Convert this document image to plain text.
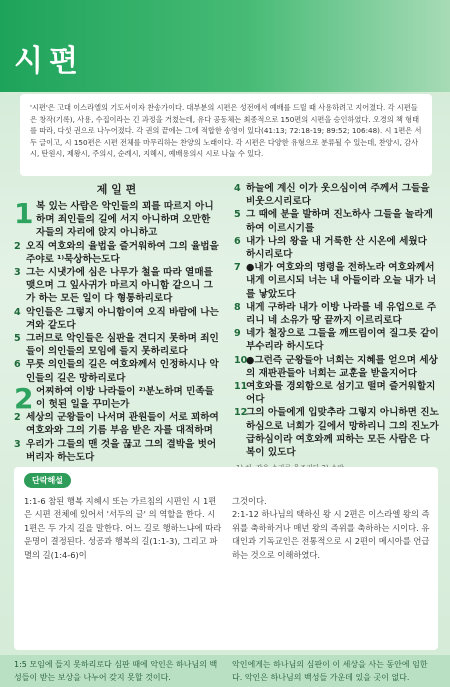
시편
'시편'은 고대 이스라엘의 기도서이자 찬송가이다. 대부분의 시편은 성전에서 예배를 드릴 때 사용하려고 지어졌다. 각 시편들은 창작(기록), 사용, 수집이라는 긴 과정을 거쳤는데, 유다 공동체는 최종적으로 150편의 시편을 승인하였다. 오경의 책 형태를 따라, 다섯 권으로 나누어졌다. 각 권의 끝에는 그에 적합한 송영이 있다(41:13; 72:18-19; 89:52; 106:48). 시 1편은 서두 글이고, 시 150편은 시편 전체를 마무리하는 찬양의 노래이다. 각 시편은 다양한 유형으로 분류될 수 있는데, 찬양시, 감사시, 탄원시, 제왕시, 주의시, 순례시, 지혜시, 예배용의시 시로 나눌 수 있다.
제 일 편
1 복 있는 사람은 악인들의 꾀를 따르지 아니하며 죄인들의 길에 서지 아니하며 오만한 자들의 자리에 앉지 아니하고
2 오직 여호와의 율법을 즐거워하여 그의 율법을 주야로 ¹⁾묵상하는도다
3 그는 시냇가에 심은 나무가 철을 따라 열매를 맺으며 그 잎사귀가 마르지 아니함 같으니 그가 하는 모든 일이 다 형통하리로다
4 악인들은 그렇지 아니함이여 오직 바람에 나는 겨와 같도다
5 그러므로 악인들은 심판을 견디지 못하며 죄인들이 의인들의 모임에 들지 못하리로다
6 무릇 의인들의 길은 여호와께서 인정하시나 악인들의 길은 망하리로다
2 어찌하여 이방 나라들이 ²⁾분노하며 민족들이 헛된 일을 꾸미는가
2 세상의 군왕들이 나서며 관원들이 서로 꾀하여 여호와와 그의 기름 부음 받은 자를 대적하며
3 우리가 그들의 맨 것을 끊고 그의 결박을 벗어 버리자 하는도다
4 하늘에 계신 이가 웃으심이여 주께서 그들을 비웃으시리로다
5 그 때에 분을 발하며 진노하사 그들을 놀라게 하여 이르시기를
6 내가 나의 왕을 내 거룩한 산 시온에 세웠다 하시리로다
7 ●내가 여호와의 명령을 전하노라 여호와께서 내게 이르시되 너는 내 아들이라 오늘 내가 너를 낳았도다
8 내게 구하라 내가 이방 나라를 네 유업으로 주리니 네 소유가 땅 끝까지 이르리로다
9 네가 철장으로 그들을 깨뜨림이여 질그릇 같이 부수리라 하시도다
10
●그런즉 군왕들아 너희는 지혜를 얻으며 세상의 재판관들아 너희는 교훈을 받을지어다
11
여호와를 경외함으로 섬기고 떨며 즐거워할지어다
12
그의 아들에게 입맞추라 그렇지 아니하면 진노하심으로 너희가 길에서 망하리니 그의 진노가 급하심이라 여호와께 피하는 모든 사람은 다 복이 있도다
단락해설
1:1-6 참된 행복 지혜시 또는 가르침의 시편인 시 1편은 시편 전체에 있어서 '서두의 글' 의 역할을 한다. 시 1편은 두 가지 길을 말한다. 어느 길로 행하느냐에 따라 운명이 결정된다. 성공과 행복의 길(1:1-3), 그리고 파멸의 길(1:4-6)이
그것이다.
2:1-12 하나님의 택하신 왕 시 2편은 이스라엘 왕의 즉위를 축하하거나 매년 왕의 즉위를 축하하는 시이다. 유대인과 기독교인은 전통적으로 시 2편이 메시아를 언급하는 것으로 이해하였다.
1:5 모임에 들지 못하리로다 심판 때에 악인은 하나님의 백성들이 받는 보상을 나누어 갖지 못할 것이다.
악인에게는 하나님의 심판이 이 세상을 사는 동안에 임한다. 악인은 하나님의 백성들 가운데 있을 곳이 없다.
